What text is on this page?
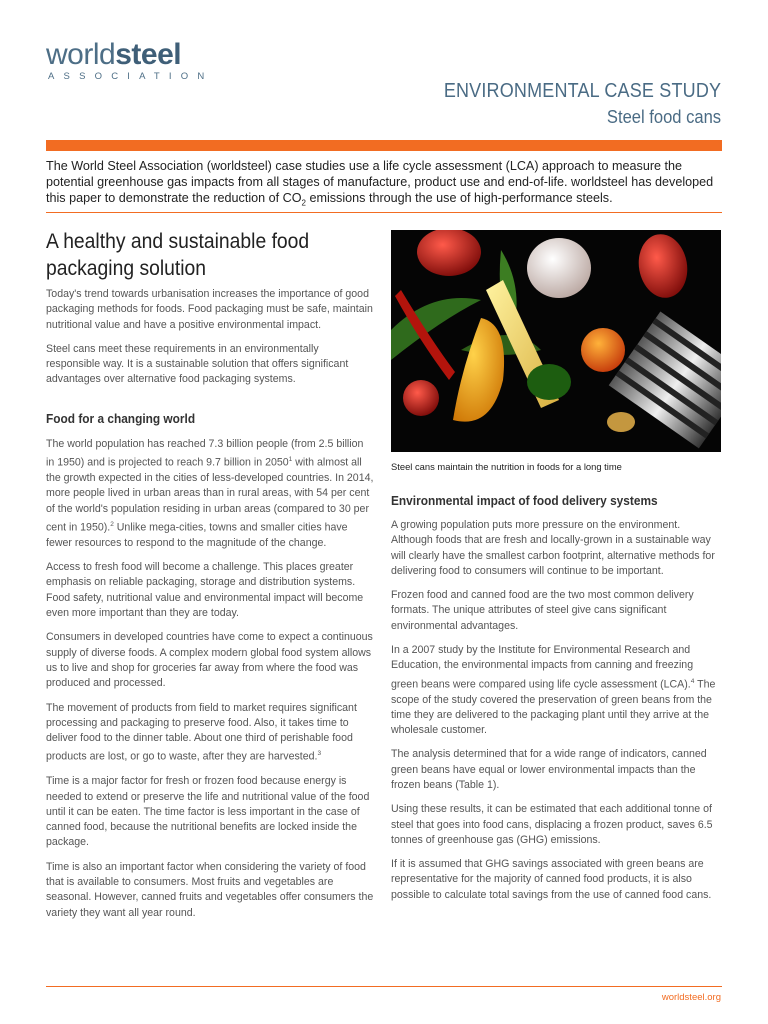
worldsteel
ASSOCIATION
ENVIRONMENTAL CASE STUDY
Steel food cans
The World Steel Association (worldsteel) case studies use a life cycle assessment (LCA) approach to measure the potential greenhouse gas impacts from all stages of manufacture, product use and end-of-life. worldsteel has developed this paper to demonstrate the reduction of $CO_2$ emissions through the use of high-performance steels.
A healthy and sustainable food packaging solution

Today's trend towards urbanisation increases the importance of good packaging methods for foods. Food packaging must be safe, maintain nutritional value and have a positive environmental impact.

Steel cans meet these requirements in an environmentally responsible way. It is a sustainable solution that offers significant advantages over alternative food packaging systems.

Food for a changing world

The world population has reached 7.3 billion people (from 2.5 billion in 1950) and is projected to reach 9.7 billion in 2050$^1$ with almost all the growth expected in the cities of less-developed countries. In 2014, more people lived in urban areas than in rural areas, with 54 per cent of the world's population residing in urban areas (compared to 30 per cent in 1950).$^2$ Unlike mega-cities, towns and smaller cities have fewer resources to respond to the magnitude of the change.

Access to fresh food will become a challenge. This places greater emphasis on reliable packaging, storage and distribution systems. Food safety, nutritional value and environmental impact will become even more important than they are today.

Consumers in developed countries have come to expect a continuous supply of diverse foods. A complex modern global food system allows us to live and shop for groceries far away from where the food was produced and processed.

The movement of products from field to market requires significant processing and packaging to preserve food. Also, it takes time to deliver food to the dinner table. About one third of perishable food products are lost, or go to waste, after they are harvested.$^3$

Time is a major factor for fresh or frozen food because energy is needed to extend or preserve the life and nutritional value of the food until it can be eaten. The time factor is less important in the case of canned food, because the nutritional benefits are locked inside the package.

Time is also an important factor when considering the variety of food that is available to consumers. Most fruits and vegetables are seasonal. However, canned fruits and vegetables offer consumers the variety they want all year round.

Steel cans maintain the nutrition in foods for a long time
Environmental impact of food delivery systems

A growing population puts more pressure on the environment. Although foods that are fresh and locally-grown in a sustainable way will clearly have the smallest carbon footprint, alternative methods for delivering food to consumers will continue to be important.

Frozen food and canned food are the two most common delivery formats. The unique attributes of steel give cans significant environmental advantages.

In a 2007 study by the Institute for Environmental Research and Education, the environmental impacts from canning and freezing green beans were compared using life cycle assessment (LCA).$^4$ The scope of the study covered the preservation of green beans from the time they are delivered to the packaging plant until they arrive at the wholesale customer.

The analysis determined that for a wide range of indicators, canned green beans have equal or lower environmental impacts than the frozen beans (Table 1).

Using these results, it can be estimated that each additional tonne of steel that goes into food cans, displacing a frozen product, saves 6.5 tonnes of greenhouse gas (GHG) emissions.

If it is assumed that GHG savings associated with green beans are representative for the majority of canned food products, it is also possible to calculate total savings from the use of canned food cans.

worldsteel.org
